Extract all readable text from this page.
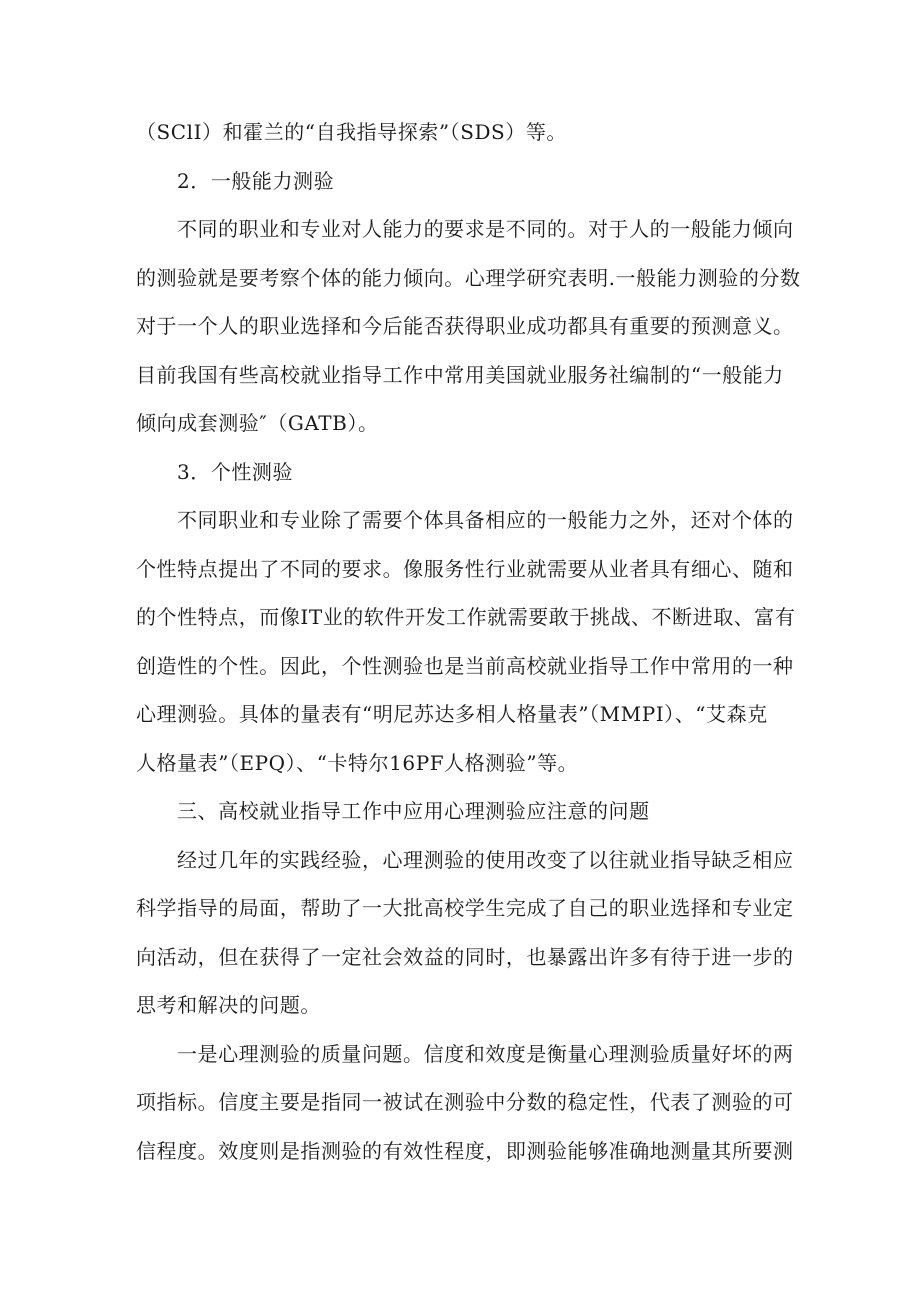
（SClI）和霍兰的“自我指导探索”（SDS）等。
2．一般能力测验
不同的职业和专业对人能力的要求是不同的。对于人的一般能力倾向
的测验就是要考察个体的能力倾向。心理学研究表明.一般能力测验的分数
对于一个人的职业选择和今后能否获得职业成功都具有重要的预测意义。
目前我国有些高校就业指导工作中常用美国就业服务社编制的“一般能力
倾向成套测验″（GATB）。
3．个性测验
不同职业和专业除了需要个体具备相应的一般能力之外，还对个体的
个性特点提出了不同的要求。像服务性行业就需要从业者具有细心、随和
的个性特点，而像IT业的软件开发工作就需要敢于挑战、不断进取、富有
创造性的个性。因此，个性测验也是当前高校就业指导工作中常用的一种
心理测验。具体的量表有“明尼苏达多相人格量表”（MMPI）、“艾森克
人格量表”（EPQ）、“卡特尔16PF人格测验”等。
三、高校就业指导工作中应用心理测验应注意的问题
经过几年的实践经验，心理测验的使用改变了以往就业指导缺乏相应
科学指导的局面，帮助了一大批高校学生完成了自己的职业选择和专业定
向活动，但在获得了一定社会效益的同时，也暴露出许多有待于进一步的
思考和解决的问题。
一是心理测验的质量问题。信度和效度是衡量心理测验质量好坏的两
项指标。信度主要是指同一被试在测验中分数的稳定性，代表了测验的可
信程度。效度则是指测验的有效性程度，即测验能够准确地测量其所要测
